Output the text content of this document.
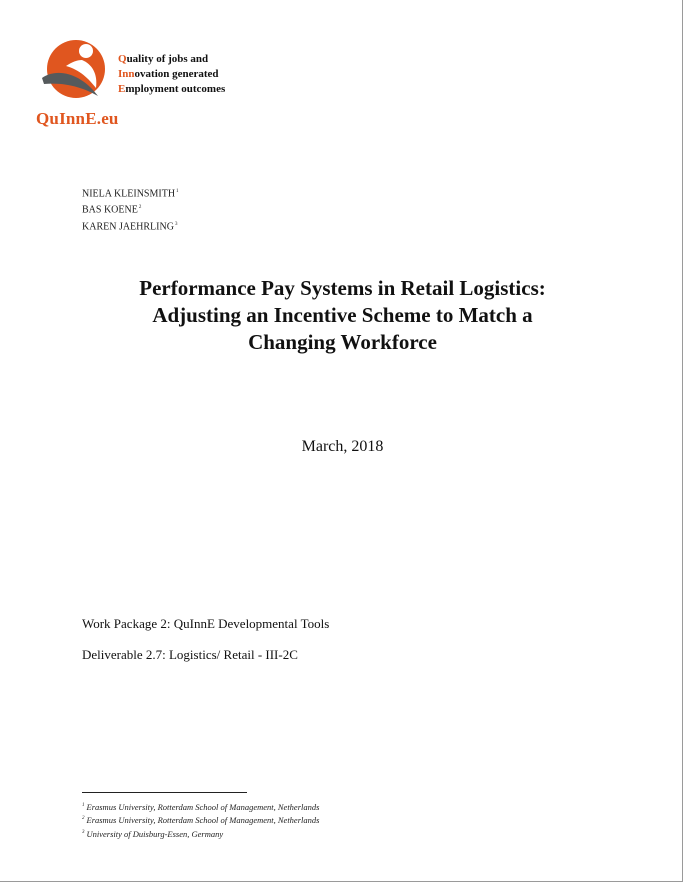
Quality of jobs and
Innovation generated
Employment outcomes
QuInnE.eu
NIELA KLEINSMITH$^1$
BAS KOENE$^2$
KAREN JAEHRLING$^3$
Performance Pay Systems in Retail Logistics:
Adjusting an Incentive Scheme to Match a
Changing Workforce
March, 2018
Work Package 2: QuInnE Developmental Tools
Deliverable 2.7: Logistics/ Retail - III-2C
$^1$ Erasmus University, Rotterdam School of Management, Netherlands
$^2$ Erasmus University, Rotterdam School of Management, Netherlands
$^3$ University of Duisburg-Essen, Germany
